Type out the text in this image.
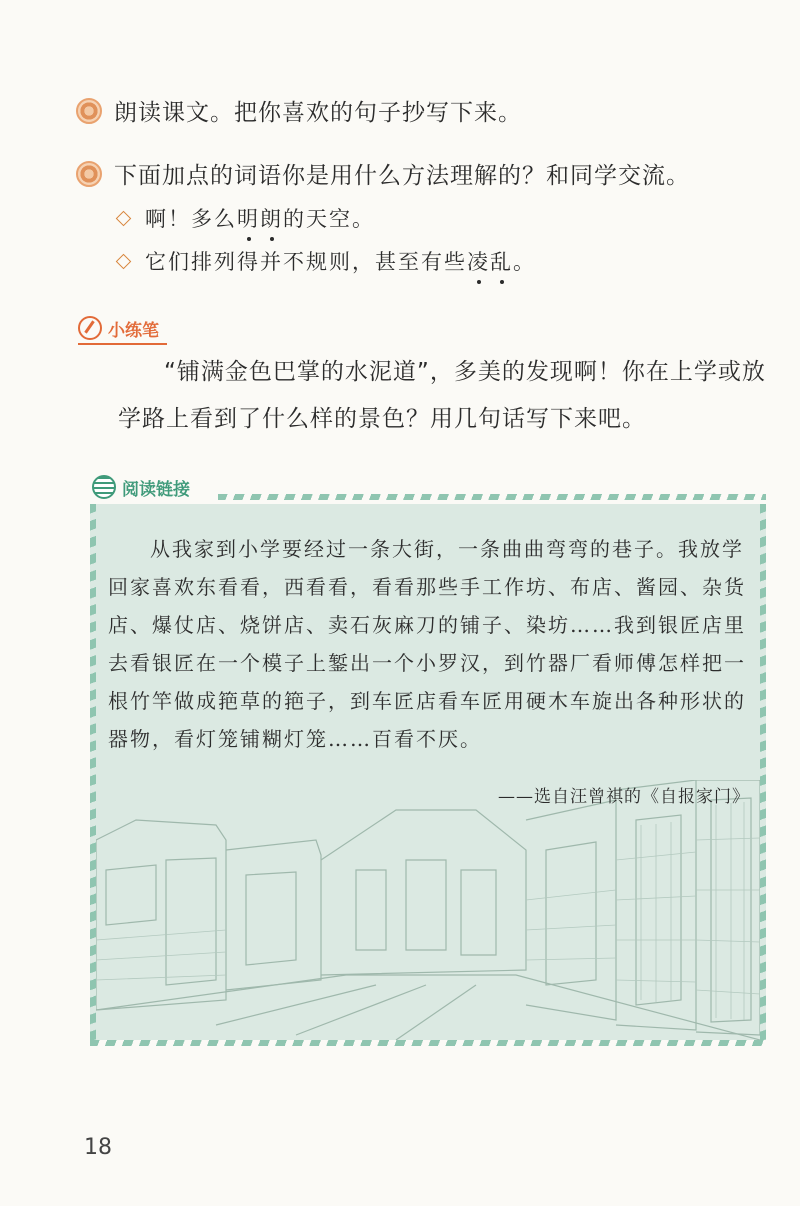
朗读课文。把你喜欢的句子抄写下来。
下面加点的词语你是用什么方法理解的？和同学交流。
啊！多么 明 朗 的天空。
它们排列得并不规则，甚至有些 凌 乱 。
小练笔
“铺满金色巴掌的水泥道”，多美的发现啊！你在上学或放学路上看到了什么样的景色？用几句话写下来吧。
阅读链接
从我家到小学要经过一条大街，一条曲曲弯弯的巷子。我放学回家喜欢东看看，西看看，看看那些手工作坊、布店、酱园、杂货店、爆仗店、烧饼店、卖石灰麻刀的铺子、染坊……我到银匠店里去看银匠在一个模子上錾出一个小罗汉，到竹器厂看师傅怎样把一根竹竿做成筢草的筢子，到车匠店看车匠用硬木车旋出各种形状的器物，看灯笼铺糊灯笼……百看不厌。
——选自汪曾祺的《自报家门》
18
